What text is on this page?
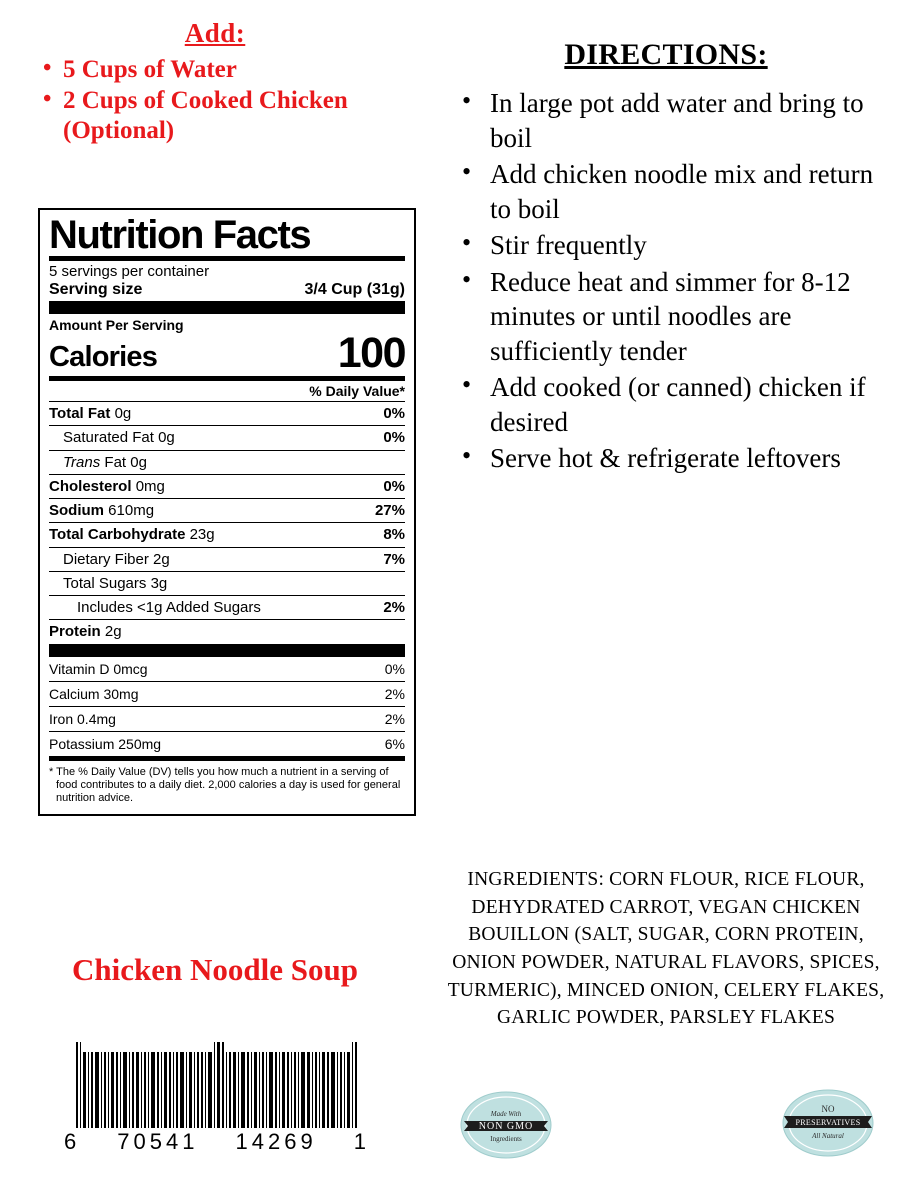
Add:
• 5 Cups of Water
• 2 Cups of Cooked Chicken (Optional)
Nutrition Facts
5 servings per container
Serving size	3/4 Cup (31g)
Amount Per Serving
Calories	100
% Daily Value*
Total Fat 0g	0%
Saturated Fat 0g	0%
Trans Fat 0g
Cholesterol 0mg	0%
Sodium 610mg	27%
Total Carbohydrate 23g	8%
Dietary Fiber 2g	7%
Total Sugars 3g
Includes <1g Added Sugars	2%
Protein 2g
Vitamin D 0mcg	0%
Calcium 30mg	2%
Iron 0.4mg	2%
Potassium 250mg	6%
* The % Daily Value (DV) tells you how much a nutrient in a serving of food contributes to a daily diet. 2,000 calories a day is used for general nutrition advice.
Chicken Noodle Soup
6 70541 14269 1
DIRECTIONS:
• In large pot add water and bring to boil
• Add chicken noodle mix and return to boil
• Stir frequently
• Reduce heat and simmer for 8-12 minutes or until noodles are sufficiently tender
• Add cooked (or canned) chicken if desired
• Serve hot & refrigerate leftovers
INGREDIENTS: CORN FLOUR, RICE FLOUR, DEHYDRATED CARROT, VEGAN CHICKEN BOUILLON (SALT, SUGAR, CORN PROTEIN, ONION POWDER, NATURAL FLAVORS, SPICES, TURMERIC), MINCED ONION, CELERY FLAKES, GARLIC POWDER, PARSLEY FLAKES
Made With
NON GMO
Ingredients
NO
PRESERVATIVES
All Natural
